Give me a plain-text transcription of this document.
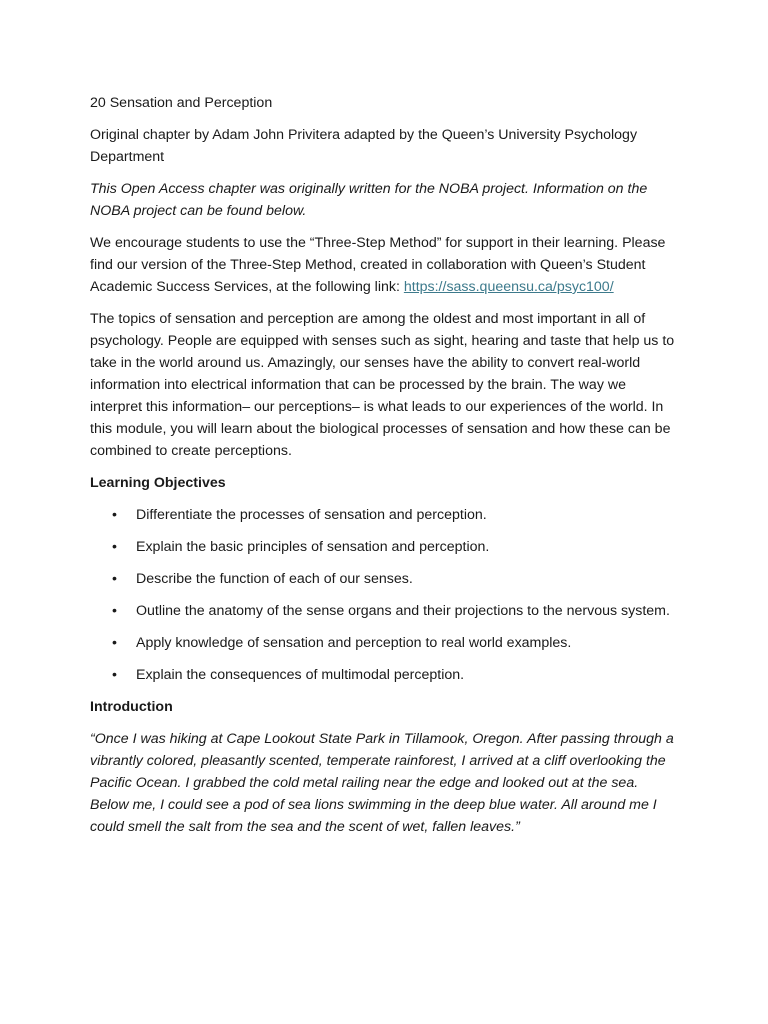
20 Sensation and Perception

Original chapter by Adam John Privitera adapted by the Queen’s University Psychology Department

This Open Access chapter was originally written for the NOBA project. Information on the NOBA project can be found below.

We encourage students to use the “Three-Step Method” for support in their learning. Please find our version of the Three-Step Method, created in collaboration with Queen’s Student Academic Success Services, at the following link: https://sass.queensu.ca/psyc100/

The topics of sensation and perception are among the oldest and most important in all of psychology. People are equipped with senses such as sight, hearing and taste that help us to take in the world around us. Amazingly, our senses have the ability to convert real-world information into electrical information that can be processed by the brain. The way we interpret this information– our perceptions– is what leads to our experiences of the world. In this module, you will learn about the biological processes of sensation and how these can be combined to create perceptions.

Learning Objectives

• Differentiate the processes of sensation and perception.
• Explain the basic principles of sensation and perception.
• Describe the function of each of our senses.
• Outline the anatomy of the sense organs and their projections to the nervous system.
• Apply knowledge of sensation and perception to real world examples.
• Explain the consequences of multimodal perception.

Introduction

“Once I was hiking at Cape Lookout State Park in Tillamook, Oregon. After passing through a vibrantly colored, pleasantly scented, temperate rainforest, I arrived at a cliff overlooking the Pacific Ocean. I grabbed the cold metal railing near the edge and looked out at the sea. Below me, I could see a pod of sea lions swimming in the deep blue water. All around me I could smell the salt from the sea and the scent of wet, fallen leaves.”
